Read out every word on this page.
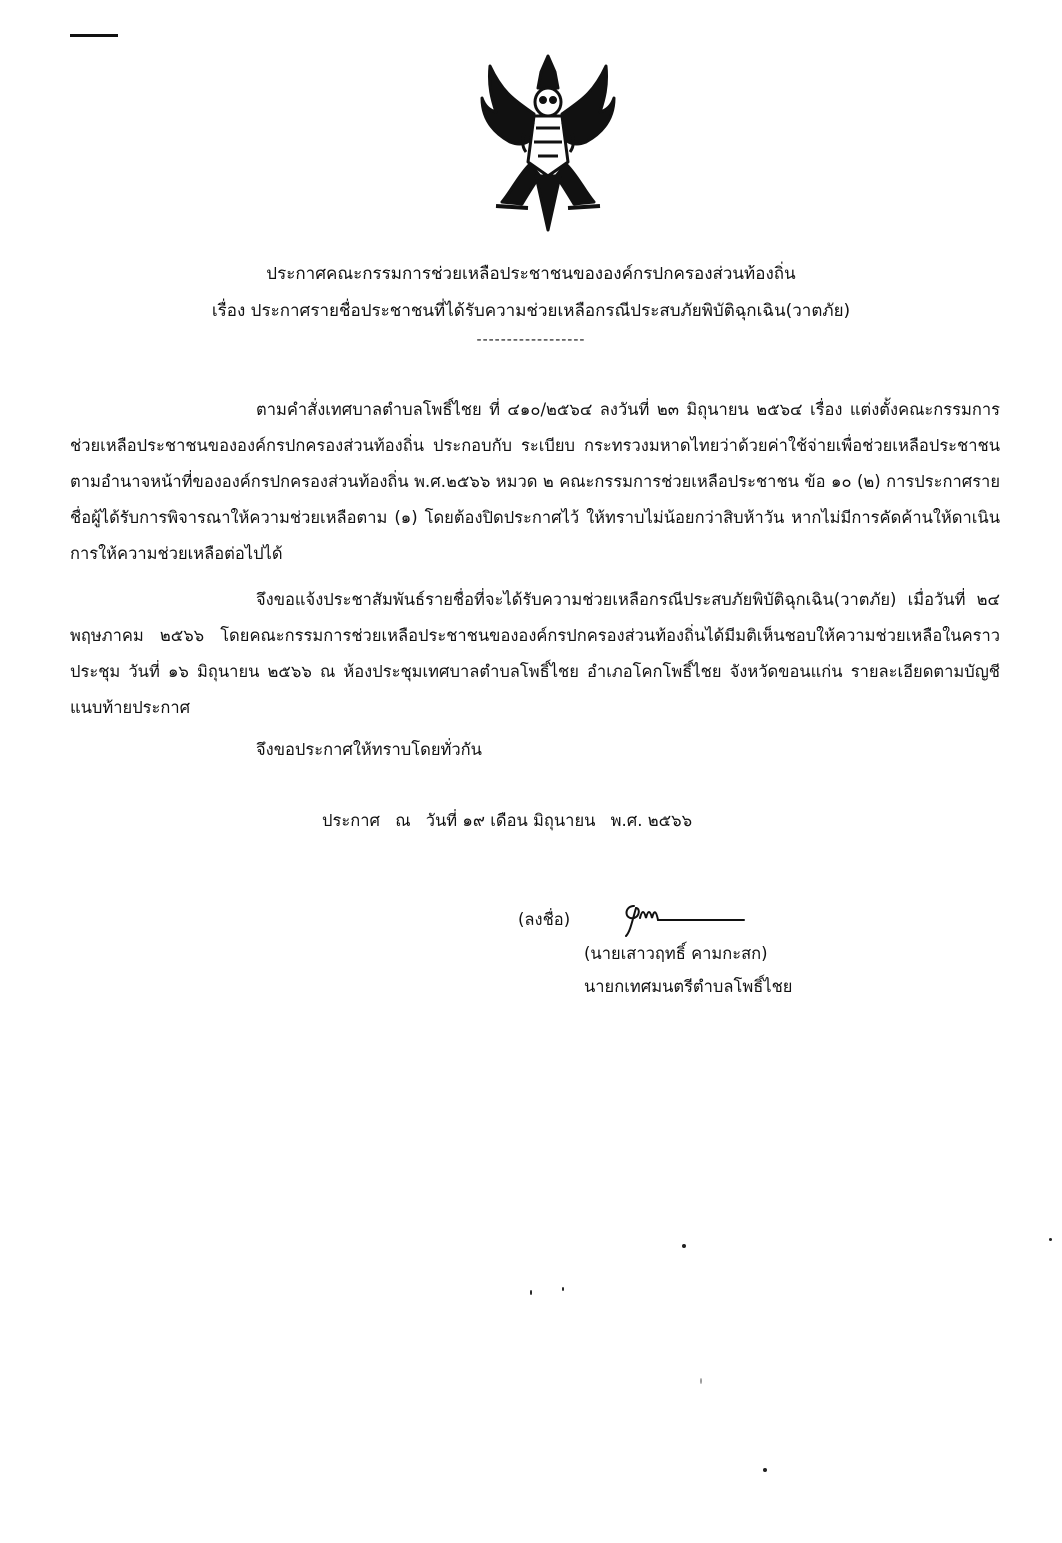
ประกาศคณะกรรมการช่วยเหลือประชาชนขององค์กรปกครองส่วนท้องถิ่น
เรื่อง ประกาศรายชื่อประชาชนที่ได้รับความช่วยเหลือกรณีประสบภัยพิบัติฉุกเฉิน(วาตภัย)
------------------
ตามคำสั่งเทศบาลตำบลโพธิ์ไชย ที่ ๔๑๐/๒๕๖๔ ลงวันที่ ๒๓ มิถุนายน ๒๕๖๔ เรื่อง แต่งตั้งคณะกรรมการช่วยเหลือประชาชนขององค์กรปกครองส่วนท้องถิ่น ประกอบกับ ระเบียบ กระทรวงมหาดไทยว่าด้วยค่าใช้จ่ายเพื่อช่วยเหลือประชาชนตามอำนาจหน้าที่ขององค์กรปกครองส่วนท้องถิ่น พ.ศ.๒๕๖๖ หมวด ๒ คณะกรรมการช่วยเหลือประชาชน ข้อ ๑๐ (๒) การประกาศรายชื่อผู้ได้รับการพิจารณาให้ความช่วยเหลือตาม (๑) โดยต้องปิดประกาศไว้ ให้ทราบไม่น้อยกว่าสิบห้าวัน หากไม่มีการคัดค้านให้ดาเนินการให้ความช่วยเหลือต่อไปได้
จึงขอแจ้งประชาสัมพันธ์รายชื่อที่จะได้รับความช่วยเหลือกรณีประสบภัยพิบัติฉุกเฉิน(วาตภัย) เมื่อวันที่ ๒๔ พฤษภาคม ๒๕๖๖ โดยคณะกรรมการช่วยเหลือประชาชนขององค์กรปกครองส่วนท้องถิ่นได้มีมติเห็นชอบให้ความช่วยเหลือในคราวประชุม วันที่ ๑๖ มิถุนายน ๒๕๖๖ ณ ห้องประชุมเทศบาลตำบลโพธิ์ไชย อำเภอโคกโพธิ์ไชย จังหวัดขอนแก่น รายละเอียดตามบัญชีแนบท้ายประกาศ
จึงขอประกาศให้ทราบโดยทั่วกัน
ประกาศ ณ วันที่ ๑๙ เดือน มิถุนายน พ.ศ. ๒๕๖๖
(ลงชื่อ)
(นายเสาวฤทธิ์ คามกะสก)
นายกเทศมนตรีตำบลโพธิ์ไชย
